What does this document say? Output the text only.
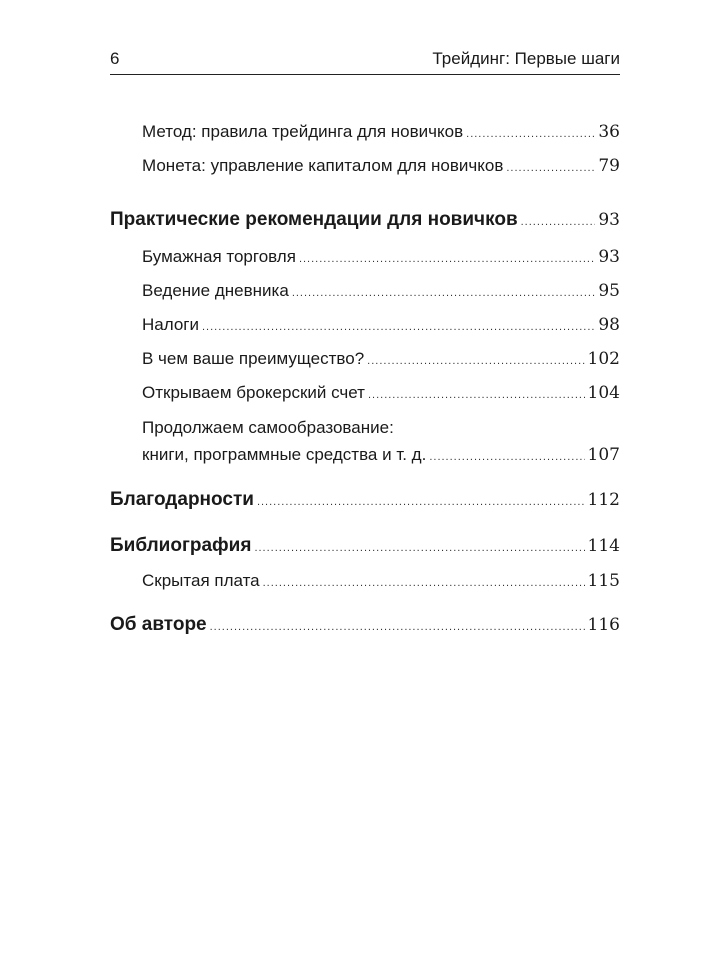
6	Трейдинг: Первые шаги
Метод: правила трейдинга для новичков .....	36
Монета: управление капиталом для новичков .....	79
Практические рекомендации для новичков .....	93
Бумажная торговля .....	93
Ведение дневника .....	95
Налоги .....	98
В чем ваше преимущество? .....	102
Открываем брокерский счет .....	104
Продолжаем самообразование:
книги, программные средства и т. д. .....	107
Благодарности .....	112
Библиография .....	114
Скрытая плата .....	115
Об авторе .....	116
